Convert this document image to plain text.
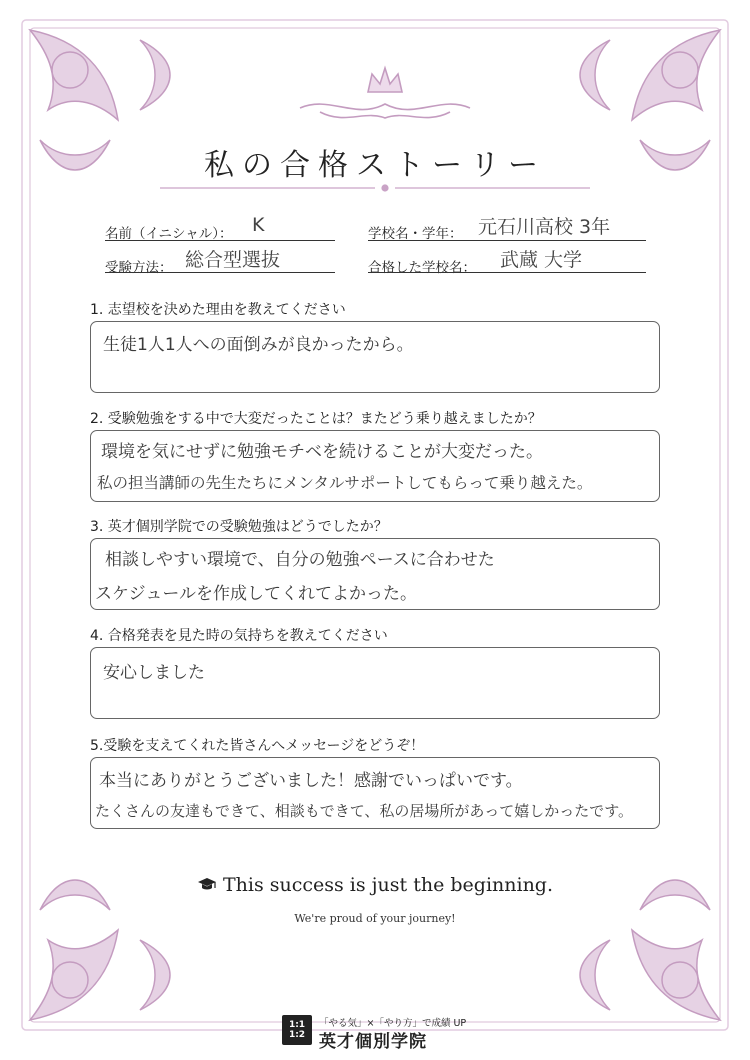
私の合格ストーリー
名前（イニシャル）： K	学校名・学年： 元石川高校 3年
受験方法： 総合型選抜	合格した学校名： 武蔵 大学
1. 志望校を決めた理由を教えてください
生徒1人1人への面倒みが良かったから。
2. 受験勉強をする中で大変だったことは？またどう乗り越えましたか？
環境を気にせずに勉強モチベを続けることが大変だった。
私の担当講師の先生たちにメンタルサポートしてもらって乗り越えた。
3. 英才個別学院での受験勉強はどうでしたか？
相談しやすい環境で、自分の勉強ペースに合わせた
スケジュールを作成してくれてよかった。
4. 合格発表を見た時の気持ちを教えてください
安心しました
5.受験を支えてくれた皆さんへメッセージをどうぞ！
本当にありがとうございました！感謝でいっぱいです。
たくさんの友達もできて、相談もできて、私の居場所があって嬉しかったです。
This success is just the beginning.
We're proud of your journey!
1:1 1:2
「やる気」×「やり方」で成績 UP
英才個別学院
